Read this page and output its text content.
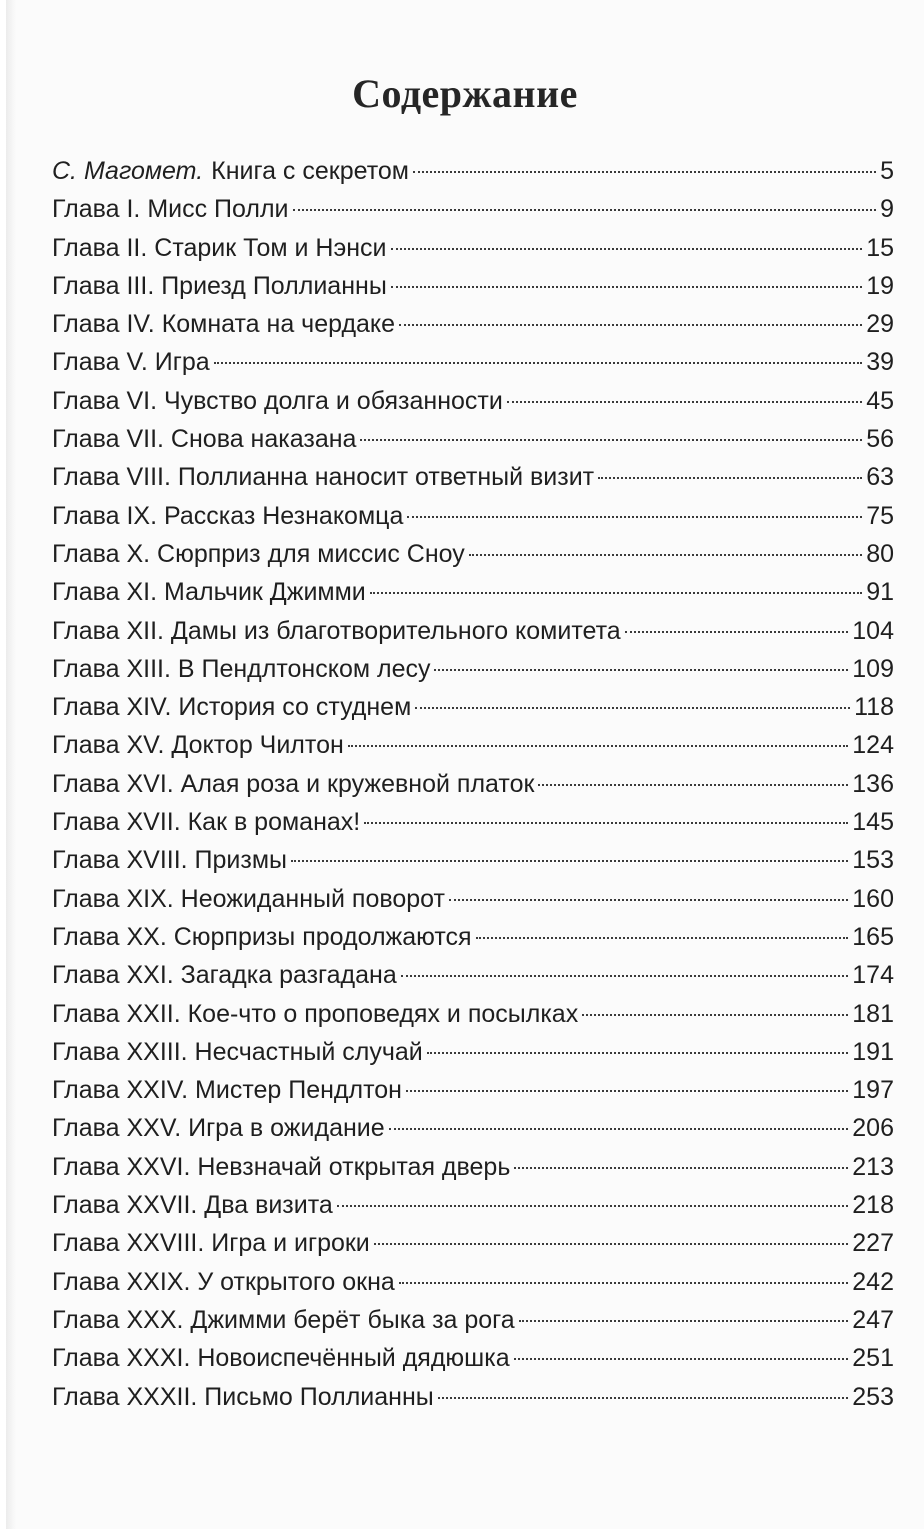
Содержание
С. Магомет. Книга с секретом	5
Глава I. Мисс Полли	9
Глава II. Старик Том и Нэнси	15
Глава III. Приезд Поллианны	19
Глава IV. Комната на чердаке	29
Глава V. Игра	39
Глава VI. Чувство долга и обязанности	45
Глава VII. Снова наказана	56
Глава VIII. Поллианна наносит ответный визит	63
Глава IX. Рассказ Незнакомца	75
Глава X. Сюрприз для миссис Сноу	80
Глава XI. Мальчик Джимми	91
Глава XII. Дамы из благотворительного комитета	104
Глава XIII. В Пендлтонском лесу	109
Глава XIV. История со студнем	118
Глава XV. Доктор Чилтон	124
Глава XVI. Алая роза и кружевной платок	136
Глава XVII. Как в романах!	145
Глава XVIII. Призмы	153
Глава XIX. Неожиданный поворот	160
Глава XX. Сюрпризы продолжаются	165
Глава XXI. Загадка разгадана	174
Глава XXII. Кое-что о проповедях и посылках	181
Глава XXIII. Несчастный случай	191
Глава XXIV. Мистер Пендлтон	197
Глава XXV. Игра в ожидание	206
Глава XXVI. Невзначай открытая дверь	213
Глава XXVII. Два визита	218
Глава XXVIII. Игра и игроки	227
Глава XXIX. У открытого окна	242
Глава XXX. Джимми берёт быка за рога	247
Глава XXXI. Новоиспечённый дядюшка	251
Глава XXXII. Письмо Поллианны	253
